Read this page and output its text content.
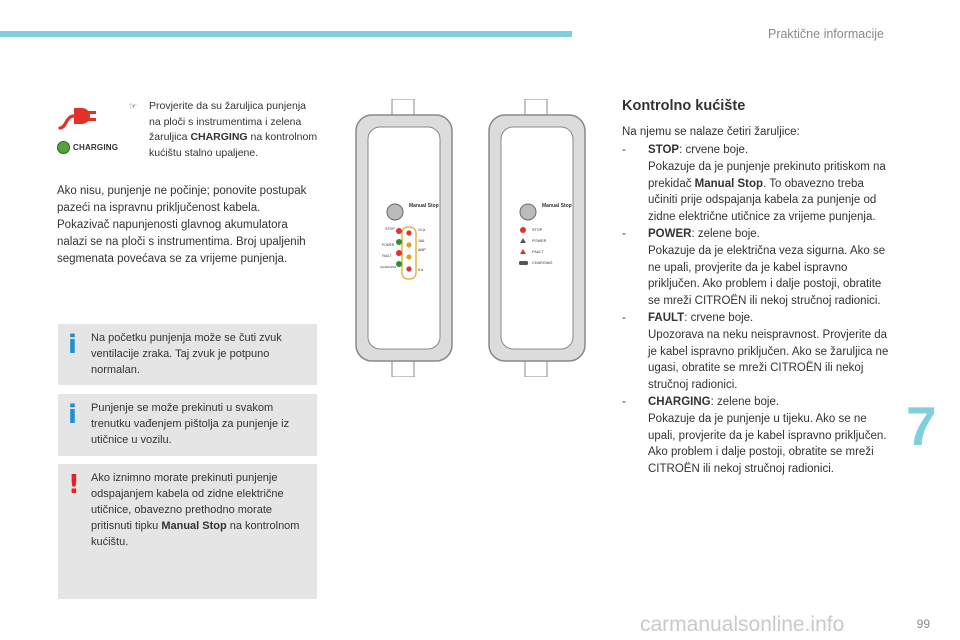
Praktične informacije
CHARGING
☞	Provjerite da su žaruljica punjenja na ploči s instrumentima i zelena žaruljica CHARGING na kontrolnom kućištu stalno upaljene.
Ako nisu, punjenje ne počinje; ponovite postupak pazeći na ispravnu priključenost kabela.
Pokazivač napunjenosti glavnog akumulatora nalazi se na ploči s instrumentima. Broj upaljenih segmenata povećava se za vrijeme punjenja.
i Na početku punjenja može se čuti zvuk ventilacije zraka. Taj zvuk je potpuno normalan.
i Punjenje se može prekinuti u svakom trenutku vađenjem pištolja za punjenje iz utičnice u vozilu.
! Ako iznimno morate prekinuti punjenje odspajanjem kabela od zidne električne utičnice, obavezno prethodno morate pritisnuti tipku Manual Stop na kontrolnom kućištu.
Manual Stop
STOP
POWER
FAULT
CHARGING
10 A
16A
AMP
8 A
Manual Stop
STOP
POWER
FAULT
CHARGING
Kontrolno kućište
Na njemu se nalaze četiri žaruljice:
- STOP: crvene boje.
Pokazuje da je punjenje prekinuto pritiskom na prekidač Manual Stop. To obavezno treba učiniti prije odspajanja kabela za punjenje od zidne električne utičnice za vrijeme punjenja.
- POWER: zelene boje.
Pokazuje da je električna veza sigurna. Ako se ne upali, provjerite da je kabel ispravno priključen. Ako problem i dalje postoji, obratite se mreži CITROËN ili nekoj stručnoj radionici.
- FAULT: crvene boje.
Upozorava na neku neispravnost. Provjerite da je kabel ispravno priključen. Ako se žaruljica ne ugasi, obratite se mreži CITROËN ili nekoj stručnoj radionici.
- CHARGING: zelene boje.
Pokazuje da je punjenje u tijeku. Ako se ne upali, provjerite da je kabel ispravno priključen. Ako problem i dalje postoji, obratite se mreži CITROËN ili nekoj stručnoj radionici.
7
carmanualsonline.info	99
